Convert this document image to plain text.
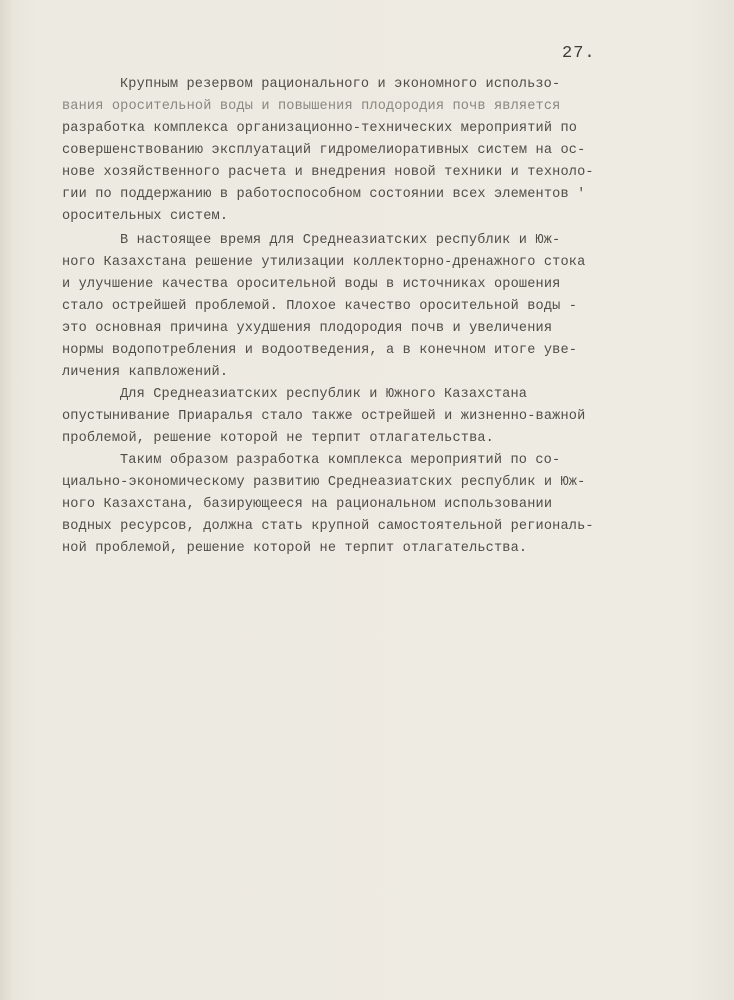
27.
Крупным резервом рационального и экономного использо-
вания оросительной воды и повышения плодородия почв является
разработка комплекса организационно-технических мероприятий по
совершенствованию эксплуатаций гидромелиоративных систем на ос-
нове хозяйственного расчета и внедрения новой техники и техноло-
гии по поддержанию в работоспособном состоянии всех элементов '
оросительных систем.
В настоящее время для Среднеазиатских республик и Юж-
ного Казахстана решение утилизации коллекторно-дренажного стока
и улучшение качества оросительной воды в источниках орошения
стало острейшей проблемой. Плохое качество оросительной воды -
это основная причина ухудшения плодородия почв и увеличения
нормы водопотребления и водоотведения, а в конечном итоге уве-
личения капвложений.
Для Среднеазиатских республик и Южного Казахстана
опустынивание Приаралья стало также острейшей и жизненно-важной
проблемой, решение которой не терпит отлагательства.
Таким образом разработка комплекса мероприятий по со-
циально-экономическому развитию Среднеазиатских республик и Юж-
ного Казахстана, базирующееся на рациональном использовании
водных ресурсов, должна стать крупной самостоятельной региональ-
ной проблемой, решение которой не терпит отлагательства.
